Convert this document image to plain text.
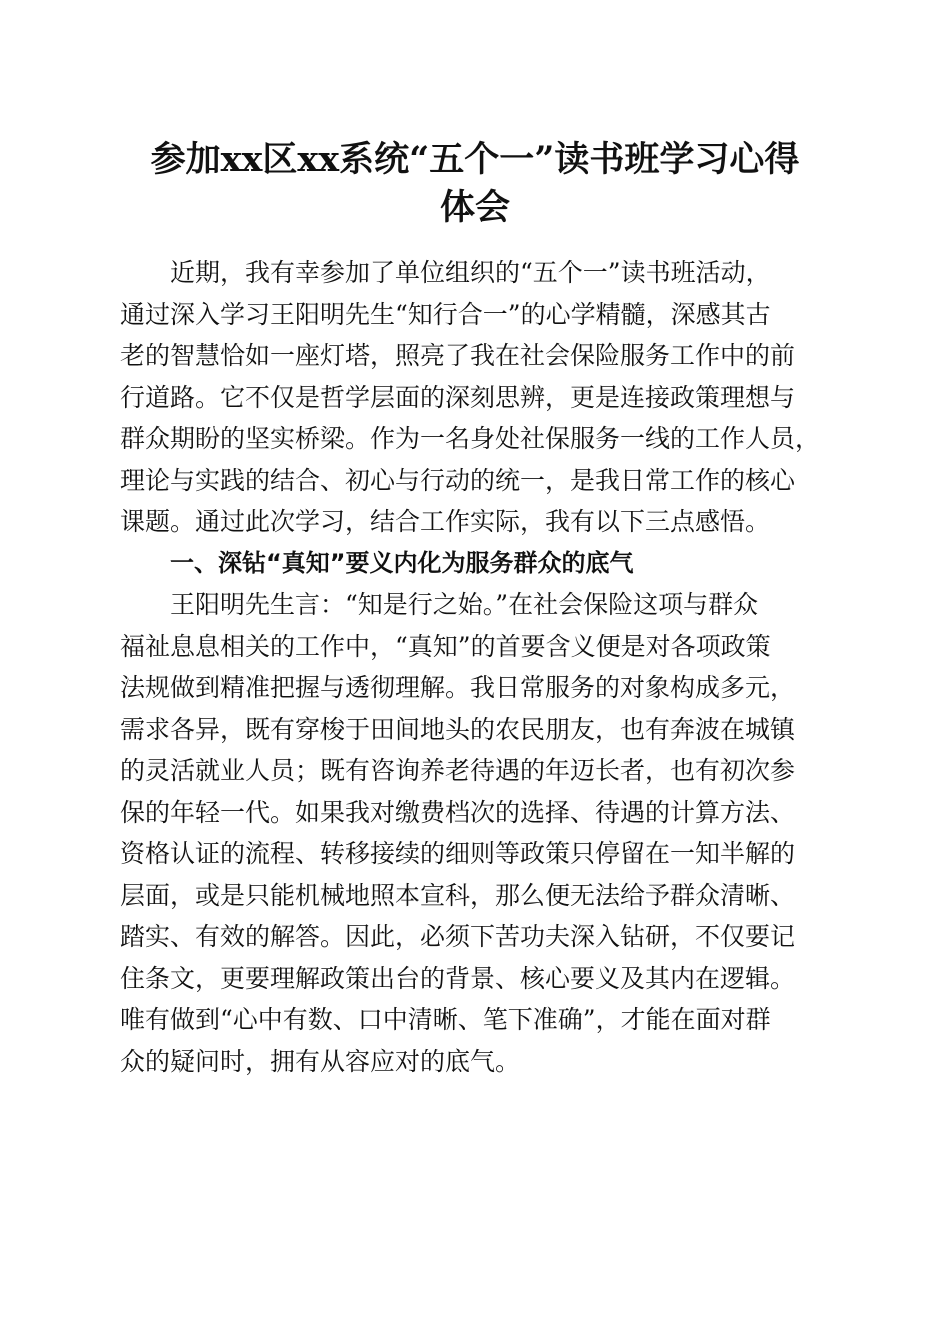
参加xx区xx系统“五个一”读书班学习心得
体会
近期，我有幸参加了单位组织的“五个一”读书班活动，
通过深入学习王阳明先生“知行合一”的心学精髓，深感其古
老的智慧恰如一座灯塔，照亮了我在社会保险服务工作中的前
行道路。它不仅是哲学层面的深刻思辨，更是连接政策理想与
群众期盼的坚实桥梁。作为一名身处社保服务一线的工作人员，
理论与实践的结合、初心与行动的统一，是我日常工作的核心
课题。通过此次学习，结合工作实际，我有以下三点感悟。
一、深钻“真知”要义内化为服务群众的底气
王阳明先生言：“知是行之始。”在社会保险这项与群众
福祉息息相关的工作中，“真知”的首要含义便是对各项政策
法规做到精准把握与透彻理解。我日常服务的对象构成多元，
需求各异，既有穿梭于田间地头的农民朋友，也有奔波在城镇
的灵活就业人员；既有咨询养老待遇的年迈长者，也有初次参
保的年轻一代。如果我对缴费档次的选择、待遇的计算方法、
资格认证的流程、转移接续的细则等政策只停留在一知半解的
层面，或是只能机械地照本宣科，那么便无法给予群众清晰、
踏实、有效的解答。因此，必须下苦功夫深入钻研，不仅要记
住条文，更要理解政策出台的背景、核心要义及其内在逻辑。
唯有做到“心中有数、口中清晰、笔下准确”，才能在面对群
众的疑问时，拥有从容应对的底气。
